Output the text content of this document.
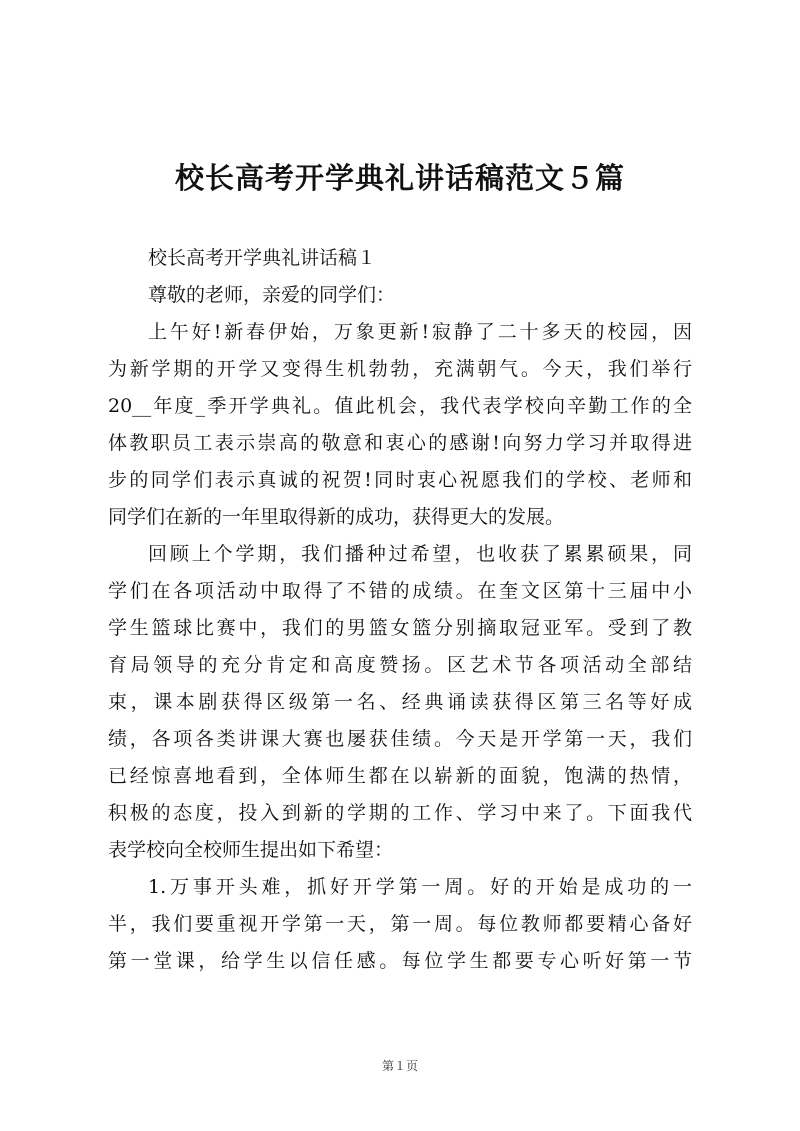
校长高考开学典礼讲话稿范文５篇
校长高考开学典礼讲话稿１
尊敬的老师，亲爱的同学们：
上午好!新春伊始，万象更新!寂静了二十多天的校园，因
为新学期的开学又变得生机勃勃，充满朝气。今天，我们举行
20__年度_季开学典礼。值此机会，我代表学校向辛勤工作的全
体教职员工表示崇高的敬意和衷心的感谢!向努力学习并取得进
步的同学们表示真诚的祝贺!同时衷心祝愿我们的学校、老师和
同学们在新的一年里取得新的成功，获得更大的发展。
回顾上个学期，我们播种过希望，也收获了累累硕果，同
学们在各项活动中取得了不错的成绩。在奎文区第十三届中小
学生篮球比赛中，我们的男篮女篮分别摘取冠亚军。受到了教
育局领导的充分肯定和高度赞扬。区艺术节各项活动全部结
束，课本剧获得区级第一名、经典诵读获得区第三名等好成
绩，各项各类讲课大赛也屡获佳绩。今天是开学第一天，我们
已经惊喜地看到，全体师生都在以崭新的面貌，饱满的热情，
积极的态度，投入到新的学期的工作、学习中来了。下面我代
表学校向全校师生提出如下希望：
1.万事开头难，抓好开学第一周。好的开始是成功的一
半，我们要重视开学第一天，第一周。每位教师都要精心备好
第一堂课，给学生以信任感。每位学生都要专心听好第一节
第１页
